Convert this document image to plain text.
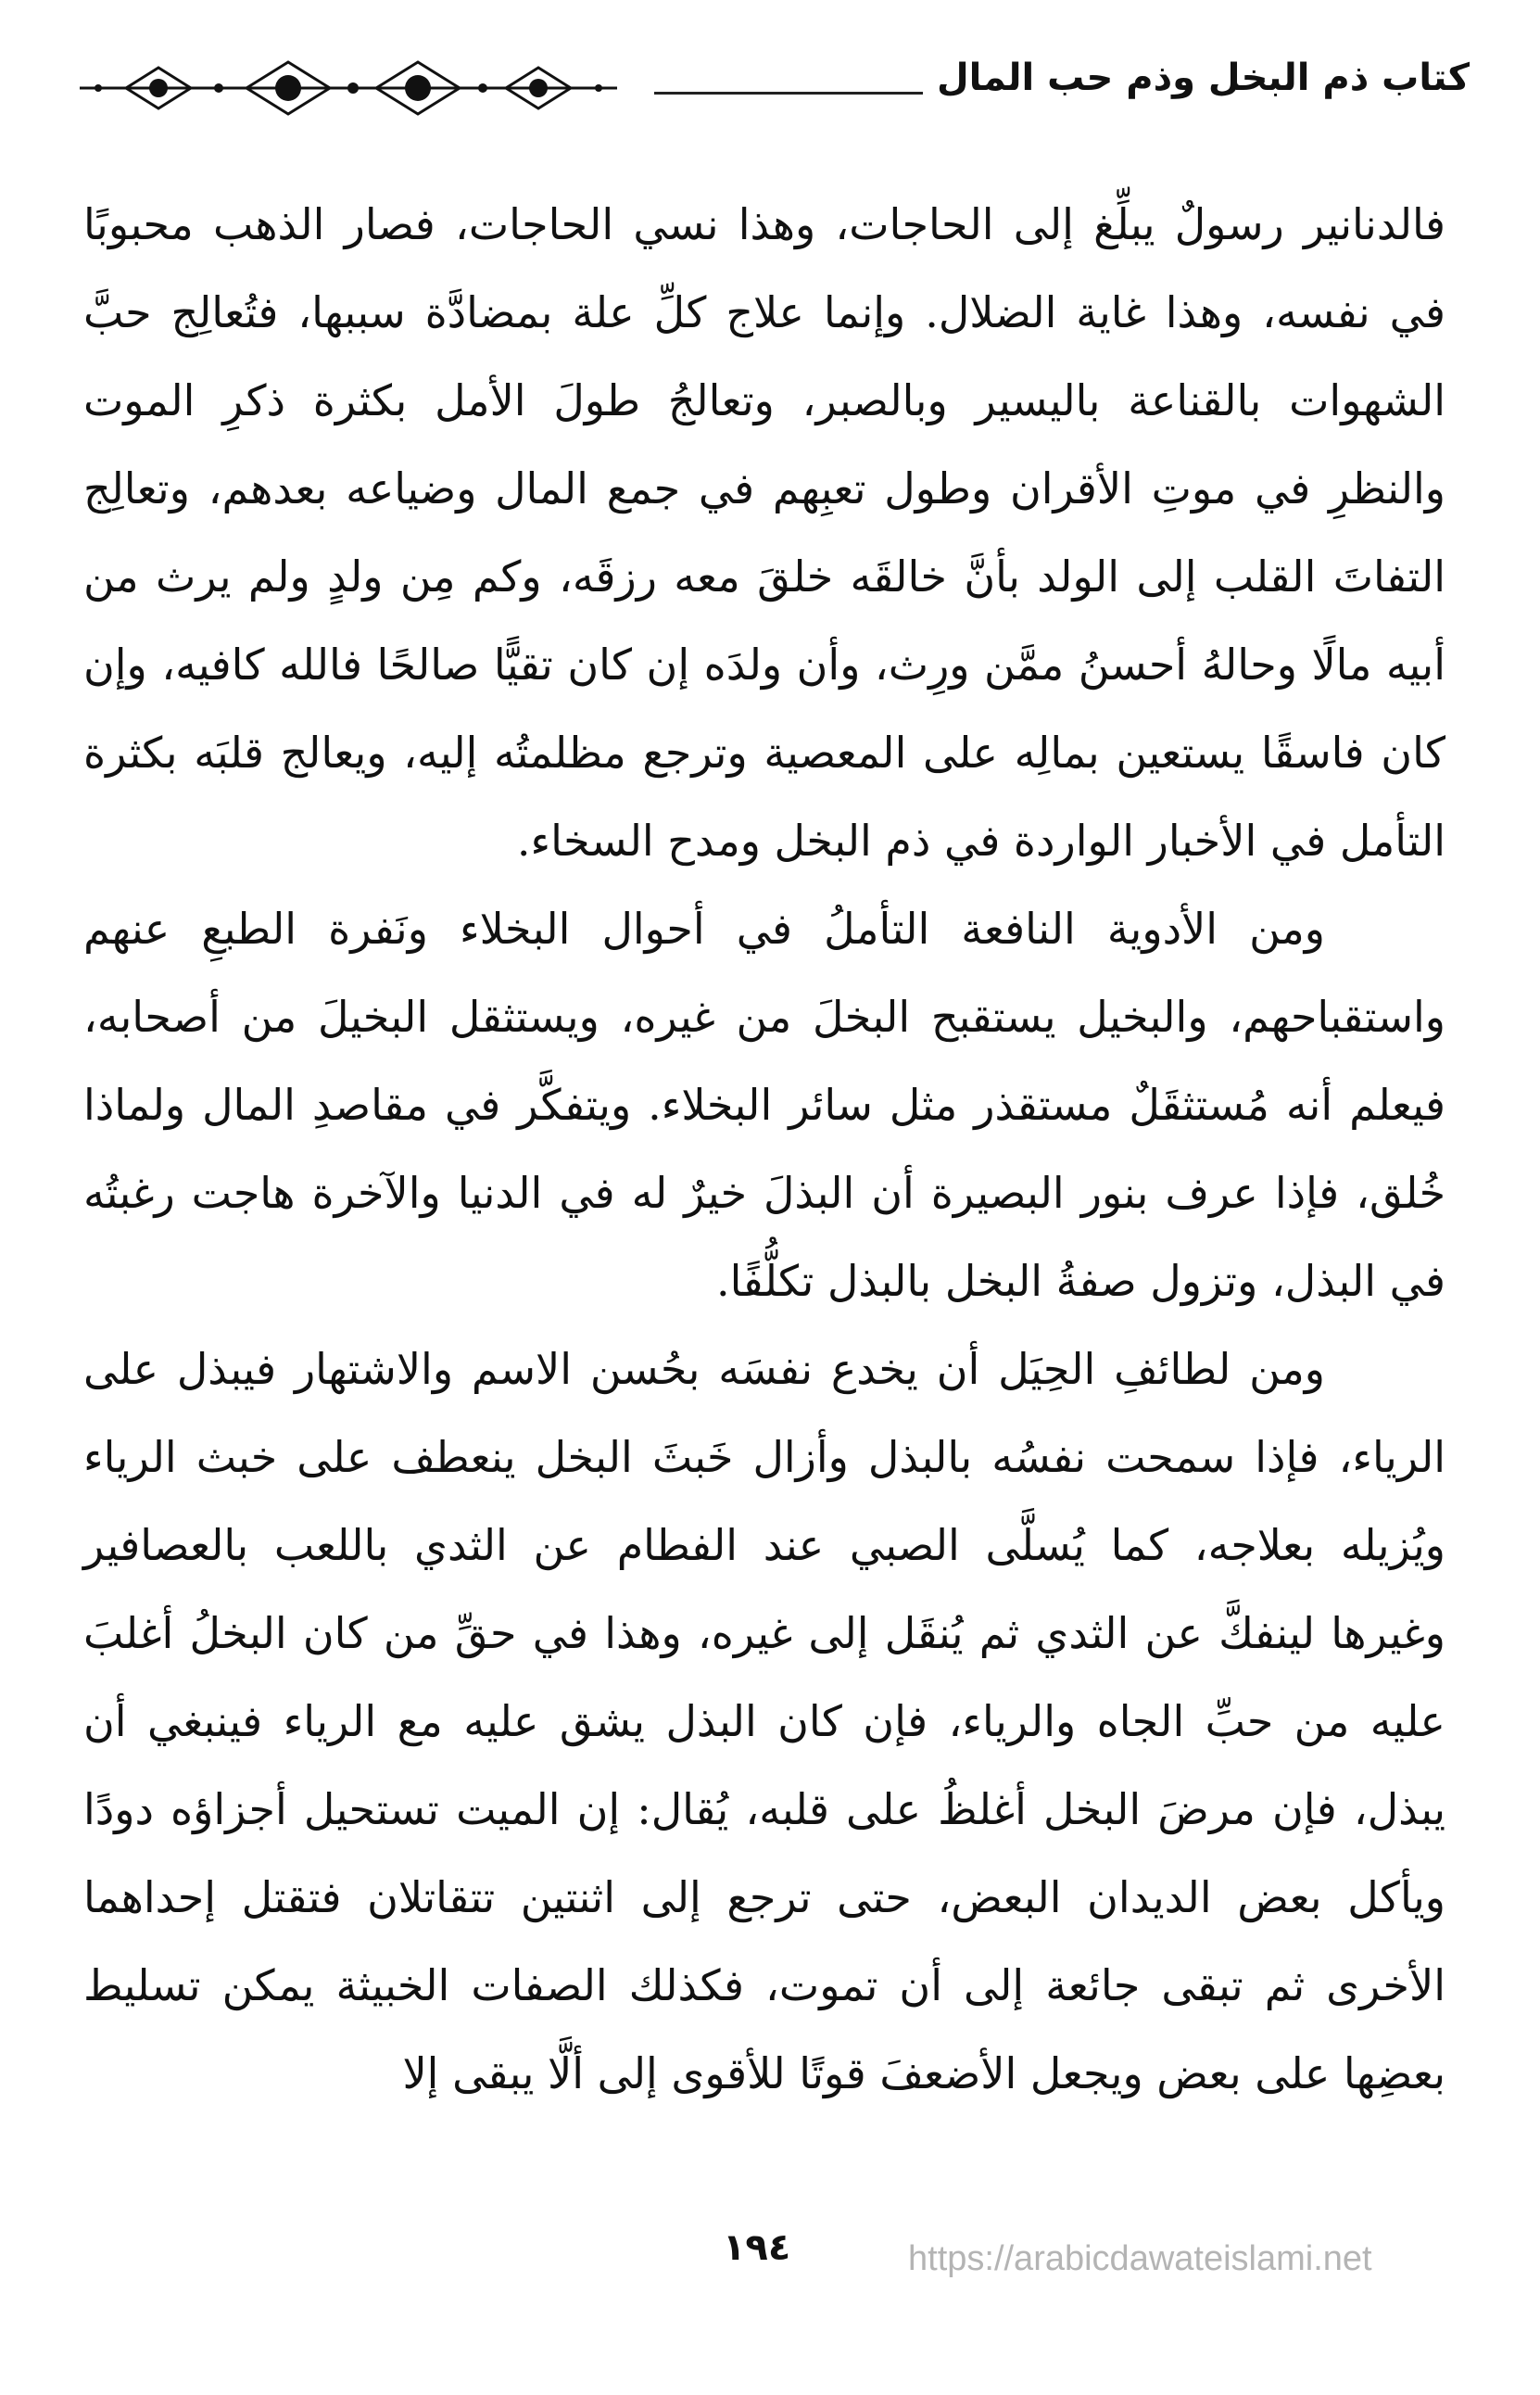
كتاب ذم البخل وذم حب المال

فالدنانير رسولٌ يبلِّغ إلى الحاجات، وهذا نسي الحاجات، فصار الذهب محبوبًا في نفسه، وهذا غاية الضلال. وإنما علاج كلِّ علة بمضادَّة سببها، فتُعالِج حبَّ الشهوات بالقناعة باليسير وبالصبر، وتعالجُ طولَ الأمل بكثرة ذكرِ الموت والنظرِ في موتِ الأقران وطول تعبِهم في جمع المال وضياعه بعدهم، وتعالِج التفاتَ القلب إلى الولد بأنَّ خالقَه خلقَ معه رزقَه، وكم مِن ولدٍ ولم يرث من أبيه مالًا وحالهُ أحسنُ ممَّن ورِث، وأن ولدَه إن كان تقيًّا صالحًا فالله كافيه، وإن كان فاسقًا يستعين بمالِه على المعصية وترجع مظلمتُه إليه، ويعالج قلبَه بكثرة التأمل في الأخبار الواردة في ذم البخل ومدح السخاء.

ومن الأدوية النافعة التأملُ في أحوال البخلاء ونَفرة الطبعِ عنهم واستقباحهم، والبخيل يستقبح البخلَ من غيره، ويستثقل البخيلَ من أصحابه، فيعلم أنه مُستثقَلٌ مستقذر مثل سائر البخلاء. ويتفكَّر في مقاصدِ المال ولماذا خُلق، فإذا عرف بنور البصيرة أن البذلَ خيرٌ له في الدنيا والآخرة هاجت رغبتُه في البذل، وتزول صفةُ البخل بالبذل تكلُّفًا.

ومن لطائفِ الحِيَل أن يخدع نفسَه بحُسن الاسم والاشتهار فيبذل على الرياء، فإذا سمحت نفسُه بالبذل وأزال خَبثَ البخل ينعطف على خبث الرياء ويُزيله بعلاجه، كما يُسلَّى الصبي عند الفطام عن الثدي باللعب بالعصافير وغيرها لينفكَّ عن الثدي ثم يُنقَل إلى غيره، وهذا في حقِّ من كان البخلُ أغلبَ عليه من حبِّ الجاه والرياء، فإن كان البذل يشق عليه مع الرياء فينبغي أن يبذل، فإن مرضَ البخل أغلظُ على قلبه، يُقال: إن الميت تستحيل أجزاؤه دودًا ويأكل بعض الديدان البعض، حتى ترجع إلى اثنتين تتقاتلان فتقتل إحداهما الأخرى ثم تبقى جائعة إلى أن تموت، فكذلك الصفات الخبيثة يمكن تسليط بعضِها على بعض ويجعل الأضعفَ قوتًا للأقوى إلى ألَّا يبقى إلا

١٩٤	https://arabicdawateislami.net
